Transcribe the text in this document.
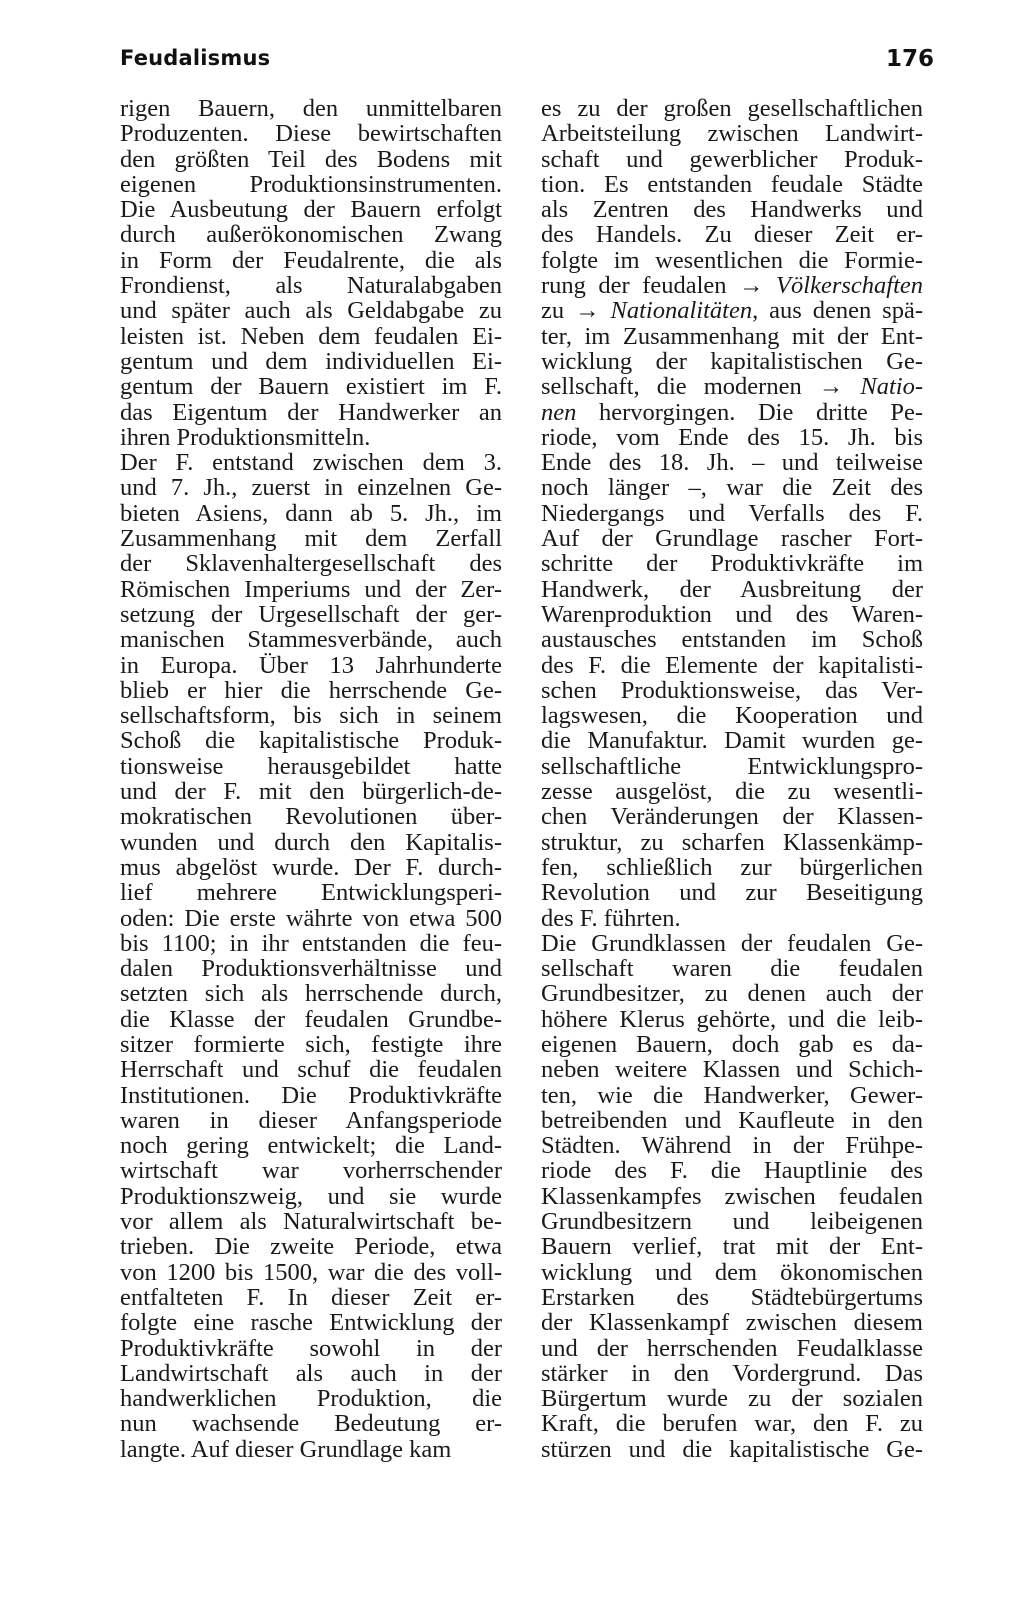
Feudalismus	176
rigen Bauern, den unmittelbaren
Produzenten. Diese bewirtschaften
den größten Teil des Bodens mit
eigenen Produktionsinstrumenten.
Die Ausbeutung der Bauern erfolgt
durch außerökonomischen Zwang
in Form der Feudalrente, die als
Frondienst, als Naturalabgaben
und später auch als Geldabgabe zu
leisten ist. Neben dem feudalen Ei-
gentum und dem individuellen Ei-
gentum der Bauern existiert im F.
das Eigentum der Handwerker an
ihren Produktionsmitteln.
Der F. entstand zwischen dem 3.
und 7. Jh., zuerst in einzelnen Ge-
bieten Asiens, dann ab 5. Jh., im
Zusammenhang mit dem Zerfall
der Sklavenhaltergesellschaft des
Römischen Imperiums und der Zer-
setzung der Urgesellschaft der ger-
manischen Stammesverbände, auch
in Europa. Über 13 Jahrhunderte
blieb er hier die herrschende Ge-
sellschaftsform, bis sich in seinem
Schoß die kapitalistische Produk-
tionsweise herausgebildet hatte
und der F. mit den bürgerlich-de-
mokratischen Revolutionen über-
wunden und durch den Kapitalis-
mus abgelöst wurde. Der F. durch-
lief mehrere Entwicklungsperi-
oden: Die erste währte von etwa 500
bis 1100; in ihr entstanden die feu-
dalen Produktionsverhältnisse und
setzten sich als herrschende durch,
die Klasse der feudalen Grundbe-
sitzer formierte sich, festigte ihre
Herrschaft und schuf die feudalen
Institutionen. Die Produktivkräfte
waren in dieser Anfangsperiode
noch gering entwickelt; die Land-
wirtschaft war vorherrschender
Produktionszweig, und sie wurde
vor allem als Naturalwirtschaft be-
trieben. Die zweite Periode, etwa
von 1200 bis 1500, war die des voll-
entfalteten F. In dieser Zeit er-
folgte eine rasche Entwicklung der
Produktivkräfte sowohl in der
Landwirtschaft als auch in der
handwerklichen Produktion, die
nun wachsende Bedeutung er-
langte. Auf dieser Grundlage kam
es zu der großen gesellschaftlichen
Arbeitsteilung zwischen Landwirt-
schaft und gewerblicher Produk-
tion. Es entstanden feudale Städte
als Zentren des Handwerks und
des Handels. Zu dieser Zeit er-
folgte im wesentlichen die Formie-
rung der feudalen → Völkerschaften
zu → Nationalitäten, aus denen spä-
ter, im Zusammenhang mit der Ent-
wicklung der kapitalistischen Ge-
sellschaft, die modernen → Natio-
nen hervorgingen. Die dritte Pe-
riode, vom Ende des 15. Jh. bis
Ende des 18. Jh. – und teilweise
noch länger –, war die Zeit des
Niedergangs und Verfalls des F.
Auf der Grundlage rascher Fort-
schritte der Produktivkräfte im
Handwerk, der Ausbreitung der
Warenproduktion und des Waren-
austausches entstanden im Schoß
des F. die Elemente der kapitalisti-
schen Produktionsweise, das Ver-
lagswesen, die Kooperation und
die Manufaktur. Damit wurden ge-
sellschaftliche Entwicklungspro-
zesse ausgelöst, die zu wesentli-
chen Veränderungen der Klassen-
struktur, zu scharfen Klassenkämp-
fen, schließlich zur bürgerlichen
Revolution und zur Beseitigung
des F. führten.
Die Grundklassen der feudalen Ge-
sellschaft waren die feudalen
Grundbesitzer, zu denen auch der
höhere Klerus gehörte, und die leib-
eigenen Bauern, doch gab es da-
neben weitere Klassen und Schich-
ten, wie die Handwerker, Gewer-
betreibenden und Kaufleute in den
Städten. Während in der Frühpe-
riode des F. die Hauptlinie des
Klassenkampfes zwischen feudalen
Grundbesitzern und leibeigenen
Bauern verlief, trat mit der Ent-
wicklung und dem ökonomischen
Erstarken des Städtebürgertums
der Klassenkampf zwischen diesem
und der herrschenden Feudalklasse
stärker in den Vordergrund. Das
Bürgertum wurde zu der sozialen
Kraft, die berufen war, den F. zu
stürzen und die kapitalistische Ge-
